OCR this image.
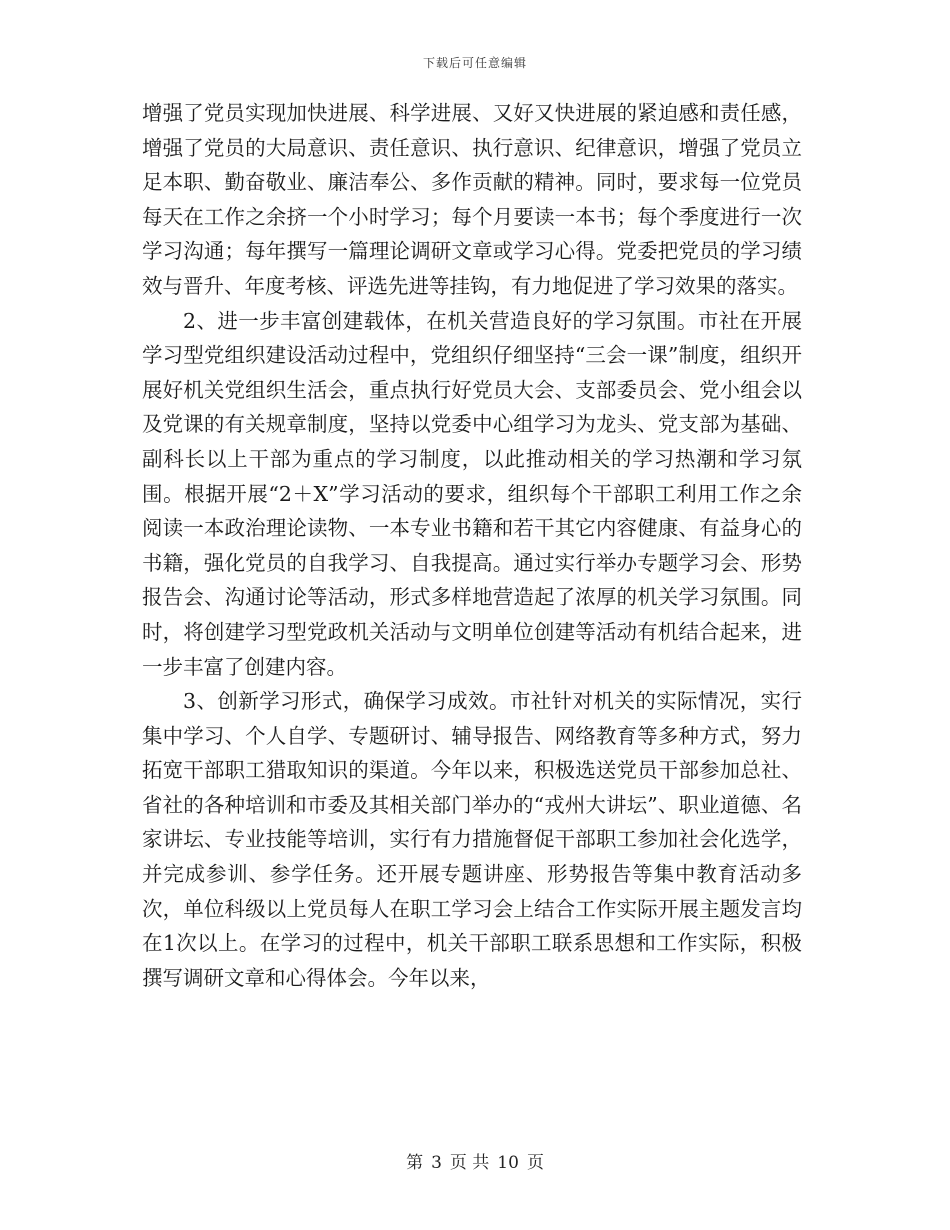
下载后可任意编辑

增强了党员实现加快进展、科学进展、又好又快进展的紧迫感和责任感，增强了党员的大局意识、责任意识、执行意识、纪律意识，增强了党员立足本职、勤奋敬业、廉洁奉公、多作贡献的精神。同时，要求每一位党员每天在工作之余挤一个小时学习；每个月要读一本书；每个季度进行一次学习沟通；每年撰写一篇理论调研文章或学习心得。党委把党员的学习绩效与晋升、年度考核、评选先进等挂钩，有力地促进了学习效果的落实。

2、进一步丰富创建载体，在机关营造良好的学习氛围。市社在开展学习型党组织建设活动过程中，党组织仔细坚持“三会一课”制度，组织开展好机关党组织生活会，重点执行好党员大会、支部委员会、党小组会以及党课的有关规章制度，坚持以党委中心组学习为龙头、党支部为基础、副科长以上干部为重点的学习制度，以此推动相关的学习热潮和学习氛围。根据开展“2＋X”学习活动的要求，组织每个干部职工利用工作之余阅读一本政治理论读物、一本专业书籍和若干其它内容健康、有益身心的书籍，强化党员的自我学习、自我提高。通过实行举办专题学习会、形势报告会、沟通讨论等活动，形式多样地营造起了浓厚的机关学习氛围。同时，将创建学习型党政机关活动与文明单位创建等活动有机结合起来，进一步丰富了创建内容。

3、创新学习形式，确保学习成效。市社针对机关的实际情况，实行集中学习、个人自学、专题研讨、辅导报告、网络教育等多种方式，努力拓宽干部职工猎取知识的渠道。今年以来，积极选送党员干部参加总社、省社的各种培训和市委及其相关部门举办的“戎州大讲坛”、职业道德、名家讲坛、专业技能等培训，实行有力措施督促干部职工参加社会化选学，并完成参训、参学任务。还开展专题讲座、形势报告等集中教育活动多次，单位科级以上党员每人在职工学习会上结合工作实际开展主题发言均在1次以上。在学习的过程中，机关干部职工联系思想和工作实际，积极撰写调研文章和心得体会。今年以来，

第 3 页 共 10 页
